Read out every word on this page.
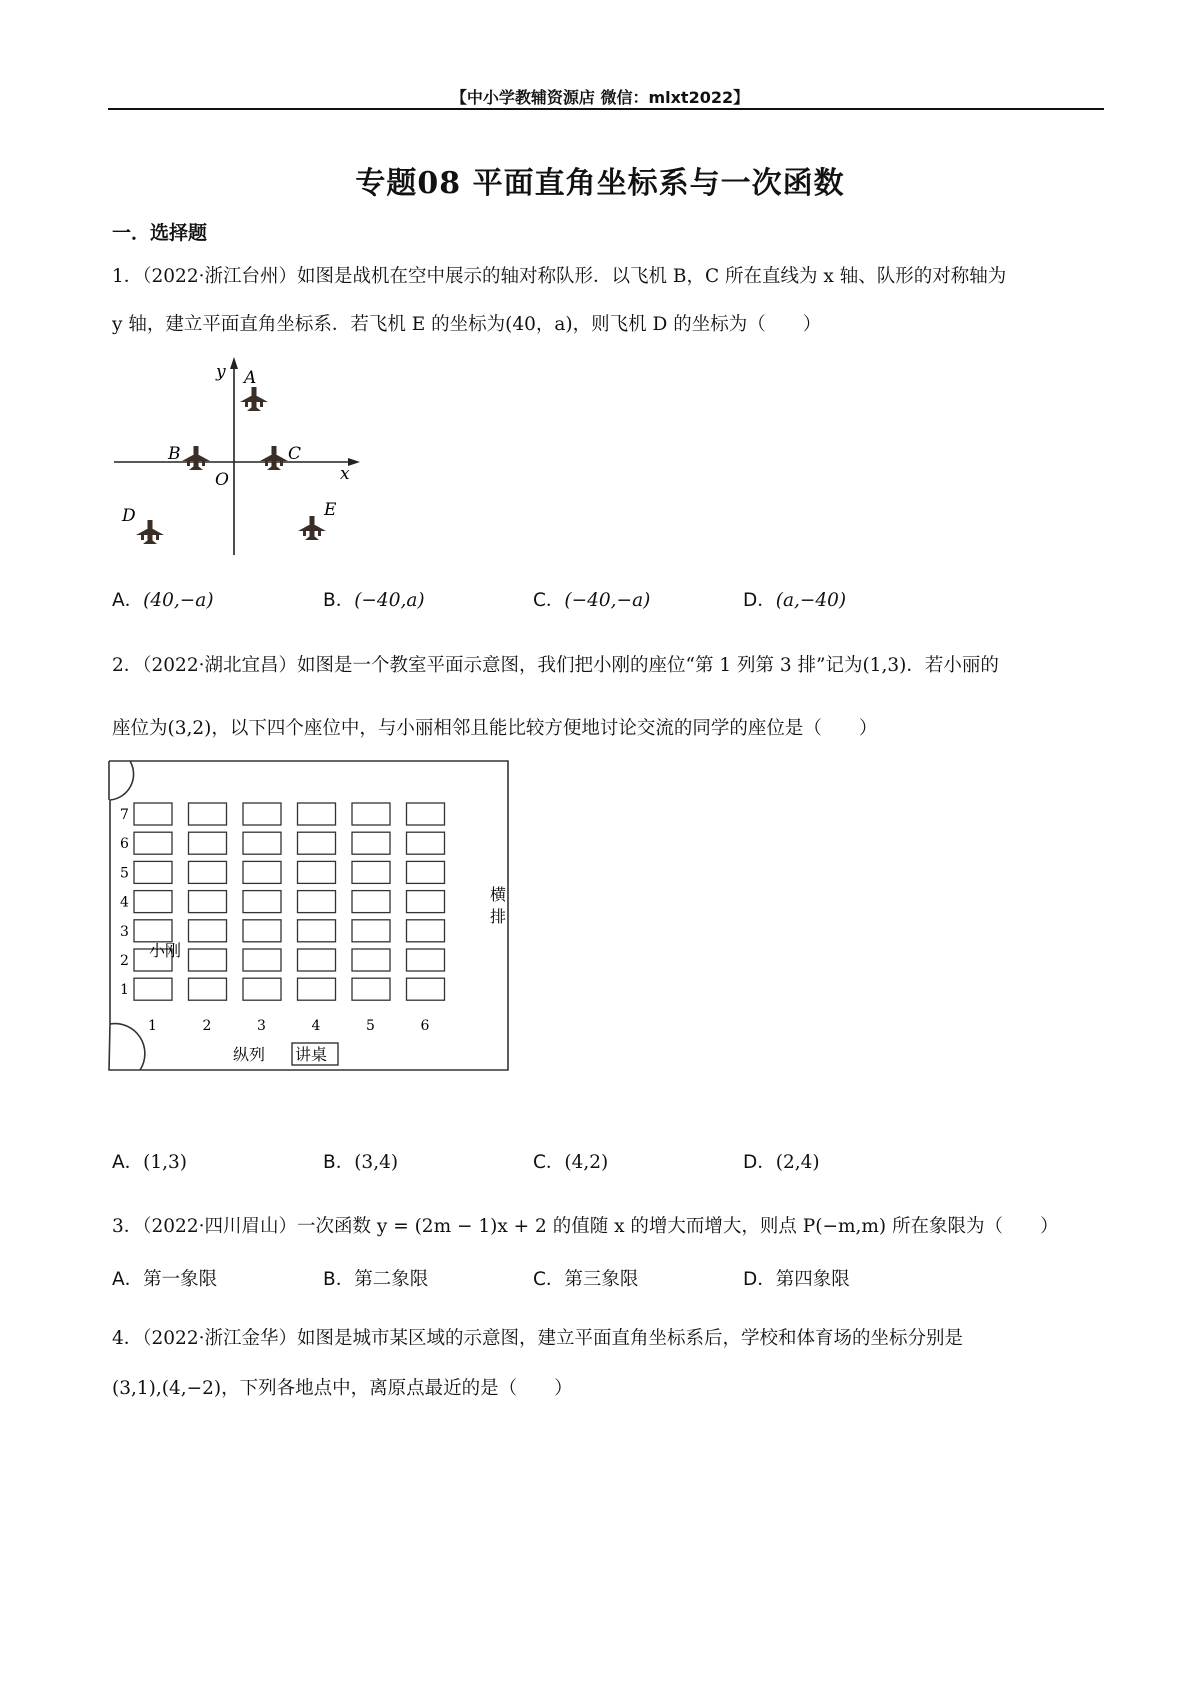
【中小学教辅资源店 微信：mlxt2022】
专题08 平面直角坐标系与一次函数
一．选择题
1．（2022·浙江台州）如图是战机在空中展示的轴对称队形．以飞机 B，C 所在直线为 x 轴、队形的对称轴为
y 轴，建立平面直角坐标系．若飞机 E 的坐标为(40，a)，则飞机 D 的坐标为（　　）
x
y
O
A
B	C
D	E
A．(40,−a)	B．(−40,a)	C．(−40,−a)	D．(a,−40)
2．（2022·湖北宜昌）如图是一个教室平面示意图，我们把小刚的座位“第 1 列第 3 排”记为(1,3)．若小丽的
座位为(3,2)，以下四个座位中，与小丽相邻且能比较方便地讨论交流的同学的座位是（　　）
7
6
5
4
3
2
1
1	2	3	4	5	6
小刚
纵列 讲桌
横
排
A．(1,3)	B．(3,4)	C．(4,2)	D．(2,4)
3．（2022·四川眉山）一次函数 y = (2m − 1)x + 2 的值随 x 的增大而增大，则点 P(−m,m) 所在象限为（　　）
A．第一象限	B．第二象限	C．第三象限	D．第四象限
4．（2022·浙江金华）如图是城市某区域的示意图，建立平面直角坐标系后，学校和体育场的坐标分别是
(3,1),(4,−2)，下列各地点中，离原点最近的是（　　）
